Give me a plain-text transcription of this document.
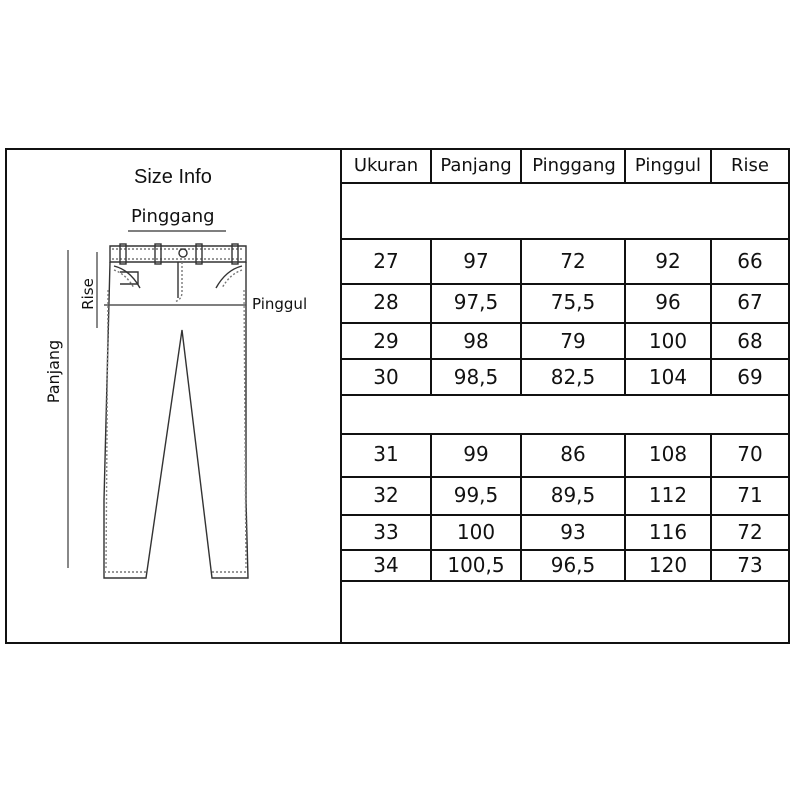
Size Info
Pinggang
Pinggul
Rise
Panjang
Ukuran	Panjang	Pinggang	Pinggul	Rise
27	97	72	92	66
28	97,5	75,5	96	67
29	98	79	100	68
30	98,5	82,5	104	69
31	99	86	108	70
32	99,5	89,5	112	71
33	100	93	116	72
34	100,5	96,5	120	73
